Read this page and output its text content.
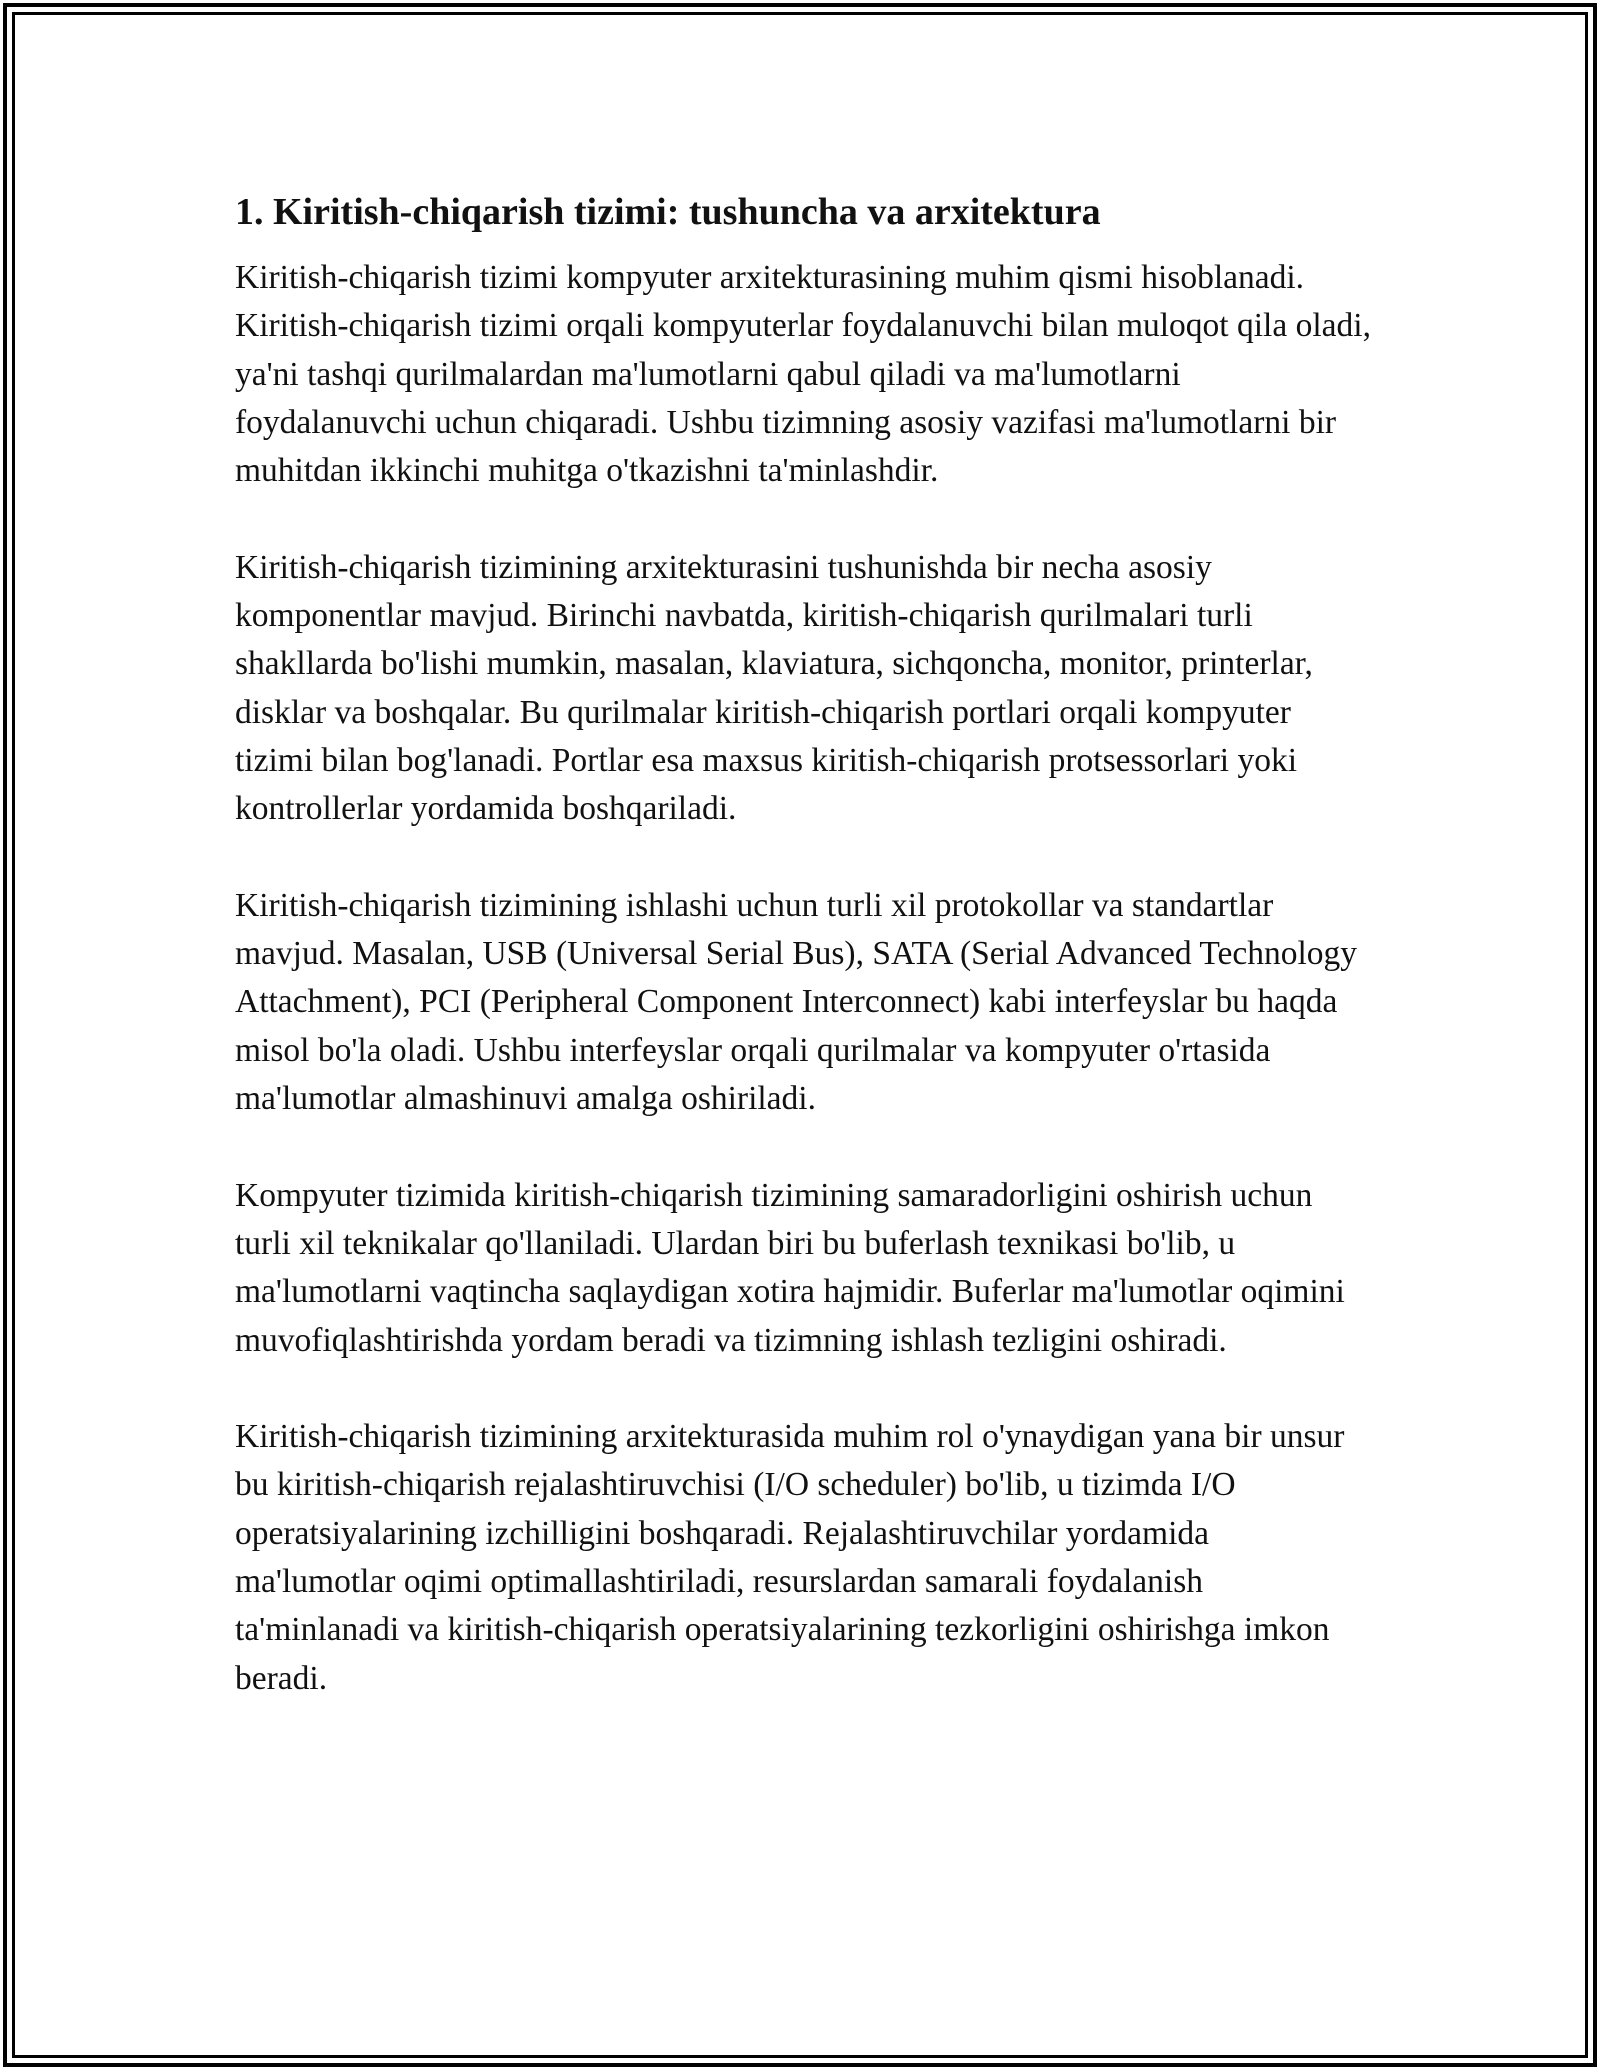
1. Kiritish-chiqarish tizimi: tushuncha va arxitektura

Kiritish-chiqarish tizimi kompyuter arxitekturasining muhim qismi hisoblanadi. Kiritish-chiqarish tizimi orqali kompyuterlar foydalanuvchi bilan muloqot qila oladi, ya'ni tashqi qurilmalardan ma'lumotlarni qabul qiladi va ma'lumotlarni foydalanuvchi uchun chiqaradi. Ushbu tizimning asosiy vazifasi ma'lumotlarni bir muhitdan ikkinchi muhitga o'tkazishni ta'minlashdir.

Kiritish-chiqarish tizimining arxitekturasini tushunishda bir necha asosiy komponentlar mavjud. Birinchi navbatda, kiritish-chiqarish qurilmalari turli shakllarda bo'lishi mumkin, masalan, klaviatura, sichqoncha, monitor, printerlar, disklar va boshqalar. Bu qurilmalar kiritish-chiqarish portlari orqali kompyuter tizimi bilan bog'lanadi. Portlar esa maxsus kiritish-chiqarish protsessorlari yoki kontrollerlar yordamida boshqariladi.

Kiritish-chiqarish tizimining ishlashi uchun turli xil protokollar va standartlar mavjud. Masalan, USB (Universal Serial Bus), SATA (Serial Advanced Technology Attachment), PCI (Peripheral Component Interconnect) kabi interfeyslar bu haqda misol bo'la oladi. Ushbu interfeyslar orqali qurilmalar va kompyuter o'rtasida ma'lumotlar almashinuvi amalga oshiriladi.

Kompyuter tizimida kiritish-chiqarish tizimining samaradorligini oshirish uchun turli xil teknikalar qo'llaniladi. Ulardan biri bu buferlash texnikasi bo'lib, u ma'lumotlarni vaqtincha saqlaydigan xotira hajmidir. Buferlar ma'lumotlar oqimini muvofiqlashtirishda yordam beradi va tizimning ishlash tezligini oshiradi.

Kiritish-chiqarish tizimining arxitekturasida muhim rol o'ynaydigan yana bir unsur bu kiritish-chiqarish rejalashtiruvchisi (I/O scheduler) bo'lib, u tizimda I/O operatsiyalarining izchilligini boshqaradi. Rejalashtiruvchilar yordamida ma'lumotlar oqimi optimallashtiriladi, resurslardan samarali foydalanish ta'minlanadi va kiritish-chiqarish operatsiyalarining tezkorligini oshirishga imkon beradi.
